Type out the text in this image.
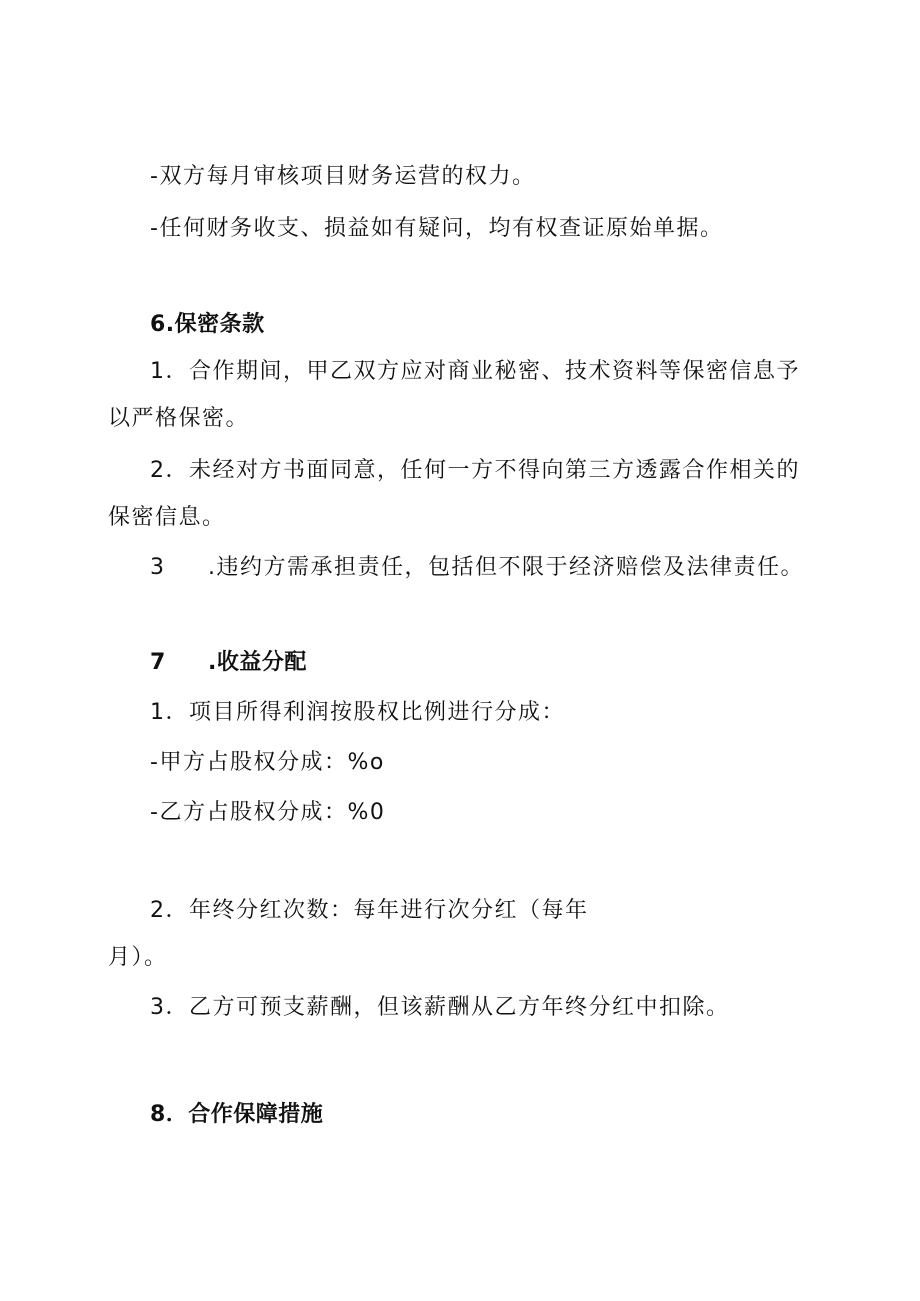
-双方每月审核项目财务运营的权力。
-任何财务收支、损益如有疑问，均有权查证原始单据。
6.保密条款
1．合作期间，甲乙双方应对商业秘密、技术资料等保密信息予
以严格保密。
2．未经对方书面同意，任何一方不得向第三方透露合作相关的
保密信息。
3 .违约方需承担责任，包括但不限于经济赔偿及法律责任。
7 .收益分配
1．项目所得利润按股权比例进行分成：
-甲方占股权分成：%o
-乙方占股权分成：%0
2．年终分红次数：每年进行次分红（每年
月）。
3．乙方可预支薪酬，但该薪酬从乙方年终分红中扣除。
8．合作保障措施
